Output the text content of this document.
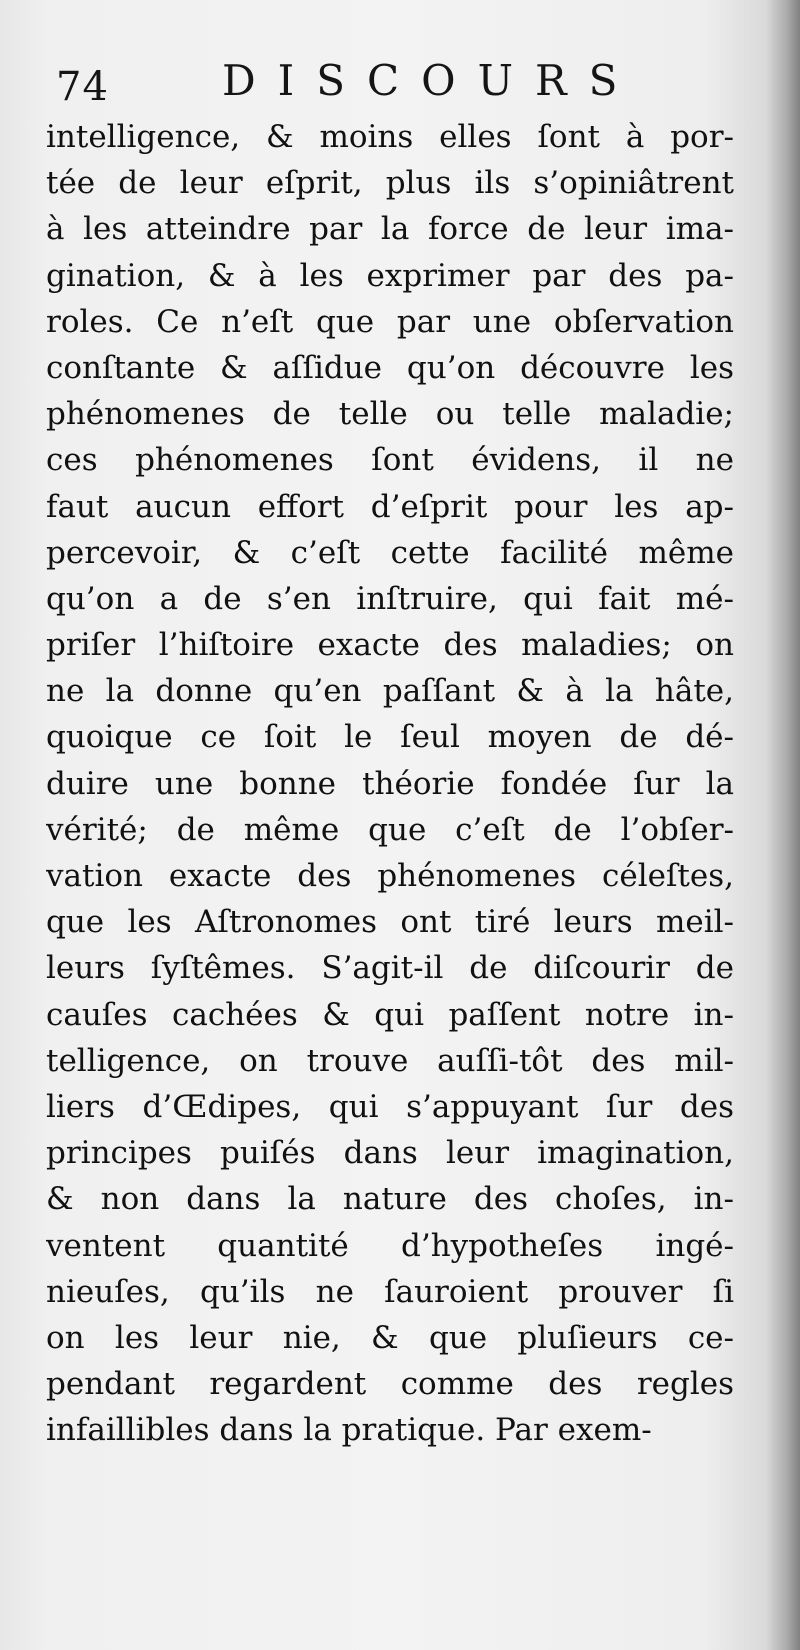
74	DISCOURS
intelligence, & moins elles ſont à por-
tée de leur eſprit, plus ils s’opiniâtrent
à les atteindre par la force de leur ima-
gination, & à les exprimer par des pa-
roles. Ce n’eſt que par une obſervation
conſtante & aſſidue qu’on découvre les
phénomenes de telle ou telle maladie;
ces phénomenes ſont évidens, il ne
faut aucun effort d’eſprit pour les ap-
percevoir, & c’eſt cette facilité même
qu’on a de s’en inſtruire, qui fait mé-
priſer l’hiſtoire exacte des maladies; on
ne la donne qu’en paſſant & à la hâte,
quoique ce ſoit le ſeul moyen de dé-
duire une bonne théorie fondée ſur la
vérité; de même que c’eſt de l’obſer-
vation exacte des phénomenes céleſtes,
que les Aſtronomes ont tiré leurs meil-
leurs ſyſtêmes. S’agit-il de diſcourir de
cauſes cachées & qui paſſent notre in-
telligence, on trouve auſſi-tôt des mil-
liers d’Œdipes, qui s’appuyant ſur des
principes puiſés dans leur imagination,
& non dans la nature des choſes, in-
ventent quantité d’hypotheſes ingé-
nieuſes, qu’ils ne ſauroient prouver ſi
on les leur nie, & que pluſieurs ce-
pendant regardent comme des regles
infaillibles dans la pratique. Par exem-
